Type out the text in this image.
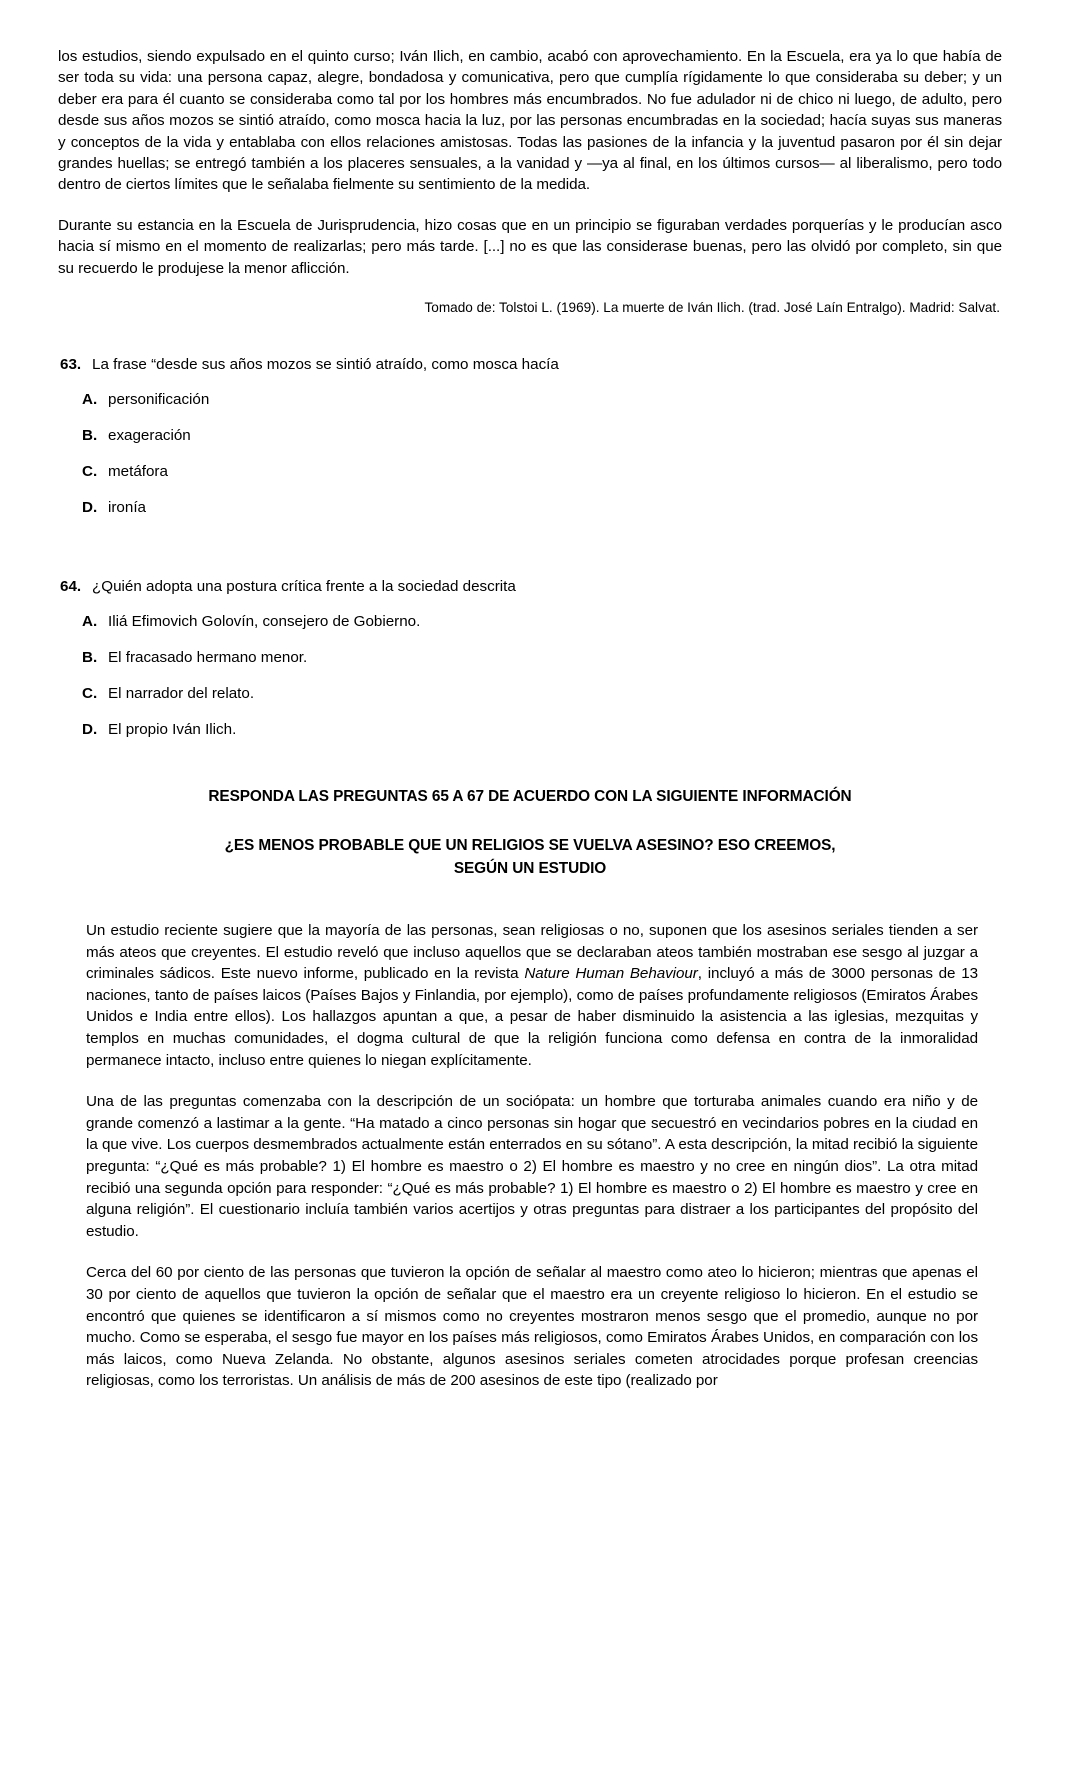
los estudios, siendo expulsado en el quinto curso; Iván Ilich, en cambio, acabó con aprovechamiento. En la Escuela, era ya lo que había de ser toda su vida: una persona capaz, alegre, bondadosa y comunicativa, pero que cumplía rígidamente lo que consideraba su deber; y un deber era para él cuanto se consideraba como tal por los hombres más encumbrados. No fue adulador ni de chico ni luego, de adulto, pero desde sus años mozos se sintió atraído, como mosca hacia la luz, por las personas encumbradas en la sociedad; hacía suyas sus maneras y conceptos de la vida y entablaba con ellos relaciones amistosas. Todas las pasiones de la infancia y la juventud pasaron por él sin dejar grandes huellas; se entregó también a los placeres sensuales, a la vanidad y —ya al final, en los últimos cursos— al liberalismo, pero todo dentro de ciertos límites que le señalaba fielmente su sentimiento de la medida.

Durante su estancia en la Escuela de Jurisprudencia, hizo cosas que en un principio se figuraban verdades porquerías y le producían asco hacia sí mismo en el momento de realizarlas; pero más tarde. [...] no es que las considerase buenas, pero las olvidó por completo, sin que su recuerdo le produjese la menor aflicción.

Tomado de: Tolstoi L. (1969). La muerte de Iván Ilich. (trad. José Laín Entralgo). Madrid: Salvat.

63. La frase “desde sus años mozos se sintió atraído, como mosca hacía
A. personificación
B. exageración
C. metáfora
D. ironía
64. ¿Quién adopta una postura crítica frente a la sociedad descrita
A. Iliá Efimovich Golovín, consejero de Gobierno.
B. El fracasado hermano menor.
C. El narrador del relato.
D. El propio Iván Ilich.
RESPONDA LAS PREGUNTAS 65 A 67 DE ACUERDO CON LA SIGUIENTE INFORMACIÓN
¿ES MENOS PROBABLE QUE UN RELIGIOS SE VUELVA ASESINO? ESO CREEMOS,
SEGÚN UN ESTUDIO

Un estudio reciente sugiere que la mayoría de las personas, sean religiosas o no, suponen que los asesinos seriales tienden a ser más ateos que creyentes. El estudio reveló que incluso aquellos que se declaraban ateos también mostraban ese sesgo al juzgar a criminales sádicos. Este nuevo informe, publicado en la revista Nature Human Behaviour, incluyó a más de 3000 personas de 13 naciones, tanto de países laicos (Países Bajos y Finlandia, por ejemplo), como de países profundamente religiosos (Emiratos Árabes Unidos e India entre ellos). Los hallazgos apuntan a que, a pesar de haber disminuido la asistencia a las iglesias, mezquitas y templos en muchas comunidades, el dogma cultural de que la religión funciona como defensa en contra de la inmoralidad permanece intacto, incluso entre quienes lo niegan explícitamente.

Una de las preguntas comenzaba con la descripción de un sociópata: un hombre que torturaba animales cuando era niño y de grande comenzó a lastimar a la gente. “Ha matado a cinco personas sin hogar que secuestró en vecindarios pobres en la ciudad en la que vive. Los cuerpos desmembrados actualmente están enterrados en su sótano”. A esta descripción, la mitad recibió la siguiente pregunta: “¿Qué es más probable? 1) El hombre es maestro o 2) El hombre es maestro y no cree en ningún dios”. La otra mitad recibió una segunda opción para responder: “¿Qué es más probable? 1) El hombre es maestro o 2) El hombre es maestro y cree en alguna religión”. El cuestionario incluía también varios acertijos y otras preguntas para distraer a los participantes del propósito del estudio.

Cerca del 60 por ciento de las personas que tuvieron la opción de señalar al maestro como ateo lo hicieron; mientras que apenas el 30 por ciento de aquellos que tuvieron la opción de señalar que el maestro era un creyente religioso lo hicieron. En el estudio se encontró que quienes se identificaron a sí mismos como no creyentes mostraron menos sesgo que el promedio, aunque no por mucho. Como se esperaba, el sesgo fue mayor en los países más religiosos, como Emiratos Árabes Unidos, en comparación con los más laicos, como Nueva Zelanda. No obstante, algunos asesinos seriales cometen atrocidades porque profesan creencias religiosas, como los terroristas. Un análisis de más de 200 asesinos de este tipo (realizado por
